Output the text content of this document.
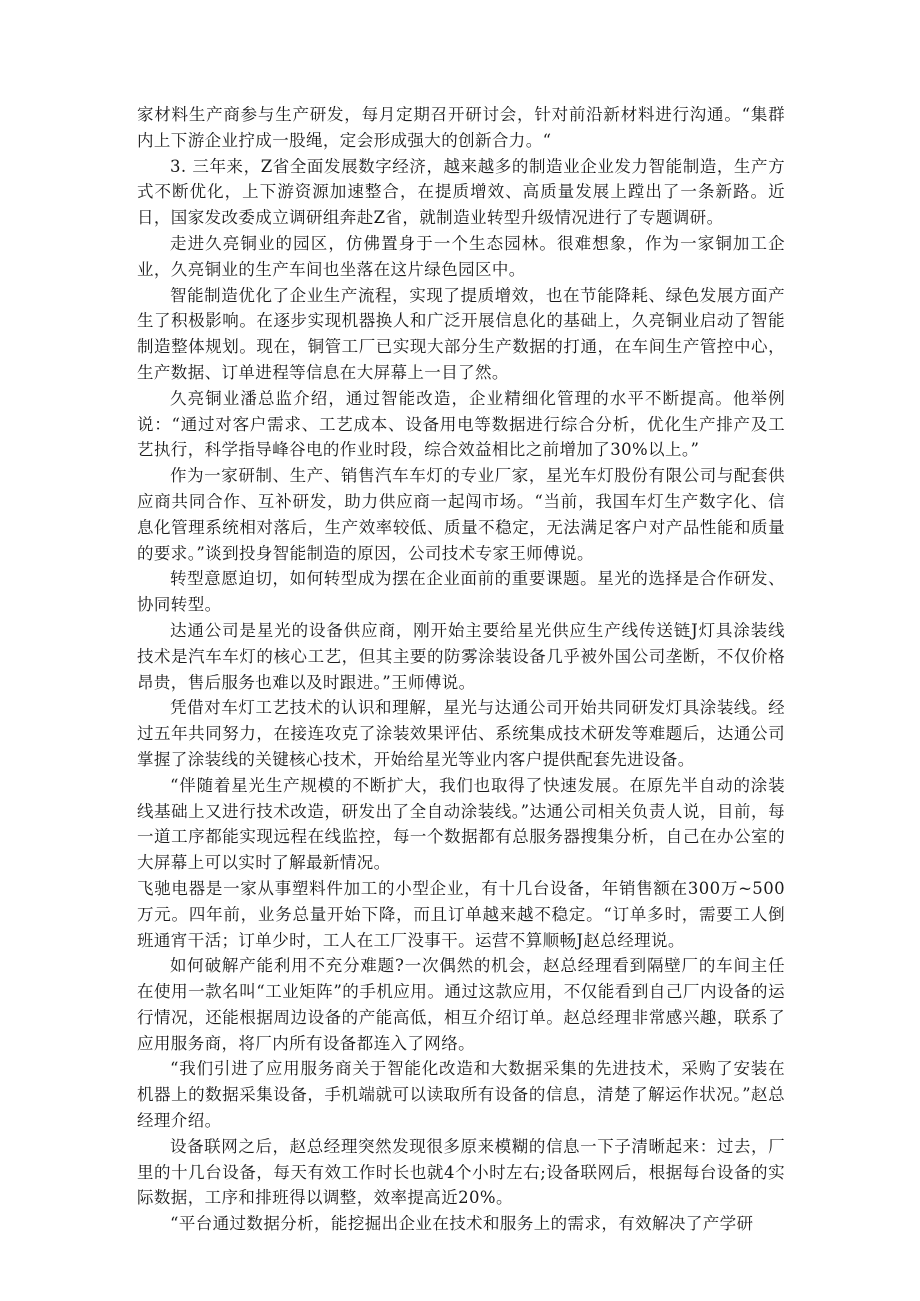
家材料生产商参与生产研发，每月定期召开研讨会，针对前沿新材料进行沟通。“集群内上下游企业拧成一股绳，定会形成强大的创新合力。“

3. 三年来，Z省全面发展数字经济，越来越多的制造业企业发力智能制造，生产方式不断优化，上下游资源加速整合，在提质增效、高质量发展上蹚出了一条新路。近日，国家发改委成立调研组奔赴Z省，就制造业转型升级情况进行了专题调研。

走进久亮铜业的园区，仿佛置身于一个生态园林。很难想象，作为一家铜加工企业，久亮铜业的生产车间也坐落在这片绿色园区中。

智能制造优化了企业生产流程，实现了提质增效，也在节能降耗、绿色发展方面产生了积极影响。在逐步实现机器换人和广泛开展信息化的基础上，久亮铜业启动了智能制造整体规划。现在，铜管工厂已实现大部分生产数据的打通，在车间生产管控中心，生产数据、订单进程等信息在大屏幕上一目了然。

久亮铜业潘总监介绍，通过智能改造，企业精细化管理的水平不断提高。他举例说：“通过对客户需求、工艺成本、设备用电等数据进行综合分析，优化生产排产及工艺执行，科学指导峰谷电的作业时段，综合效益相比之前增加了30%以上。”

作为一家研制、生产、销售汽车车灯的专业厂家，星光车灯股份有限公司与配套供应商共同合作、互补研发，助力供应商一起闯市场。“当前，我国车灯生产数字化、信息化管理系统相对落后，生产效率较低、质量不稳定，无法满足客户对产品性能和质量的要求。”谈到投身智能制造的原因，公司技术专家王师傅说。

转型意愿迫切，如何转型成为摆在企业面前的重要课题。星光的选择是合作研发、协同转型。

达通公司是星光的设备供应商，刚开始主要给星光供应生产线传送链J灯具涂装线技术是汽车车灯的核心工艺，但其主要的防雾涂装设备几乎被外国公司垄断，不仅价格昂贵，售后服务也难以及时跟进。”王师傅说。

凭借对车灯工艺技术的认识和理解，星光与达通公司开始共同研发灯具涂装线。经过五年共同努力，在接连攻克了涂装效果评估、系统集成技术研发等难题后，达通公司掌握了涂装线的关键核心技术，开始给星光等业内客户提供配套先进设备。

“伴随着星光生产规模的不断扩大，我们也取得了快速发展。在原先半自动的涂装线基础上又进行技术改造，研发出了全自动涂装线。”达通公司相关负责人说，目前，每一道工序都能实现远程在线监控，每一个数据都有总服务器搜集分析，自己在办公室的大屏幕上可以实时了解最新情况。

飞驰电器是一家从事塑料件加工的小型企业，有十几台设备，年销售额在300万~500万元。四年前，业务总量开始下降，而且订单越来越不稳定。“订单多时，需要工人倒班通宵干活；订单少时，工人在工厂没事干。运营不算顺畅J赵总经理说。

如何破解产能利用不充分难题?一次偶然的机会，赵总经理看到隔壁厂的车间主任在使用一款名叫“工业矩阵”的手机应用。通过这款应用，不仅能看到自己厂内设备的运行情况，还能根据周边设备的产能高低，相互介绍订单。赵总经理非常感兴趣，联系了应用服务商，将厂内所有设备都连入了网络。

“我们引进了应用服务商关于智能化改造和大数据采集的先进技术，采购了安装在机器上的数据采集设备，手机端就可以读取所有设备的信息，清楚了解运作状况。”赵总经理介绍。

设备联网之后，赵总经理突然发现很多原来模糊的信息一下子清晰起来：过去，厂里的十几台设备，每天有效工作时长也就4个小时左右;设备联网后，根据每台设备的实际数据，工序和排班得以调整，效率提高近20%。

“平台通过数据分析，能挖掘出企业在技术和服务上的需求，有效解决了产学研
